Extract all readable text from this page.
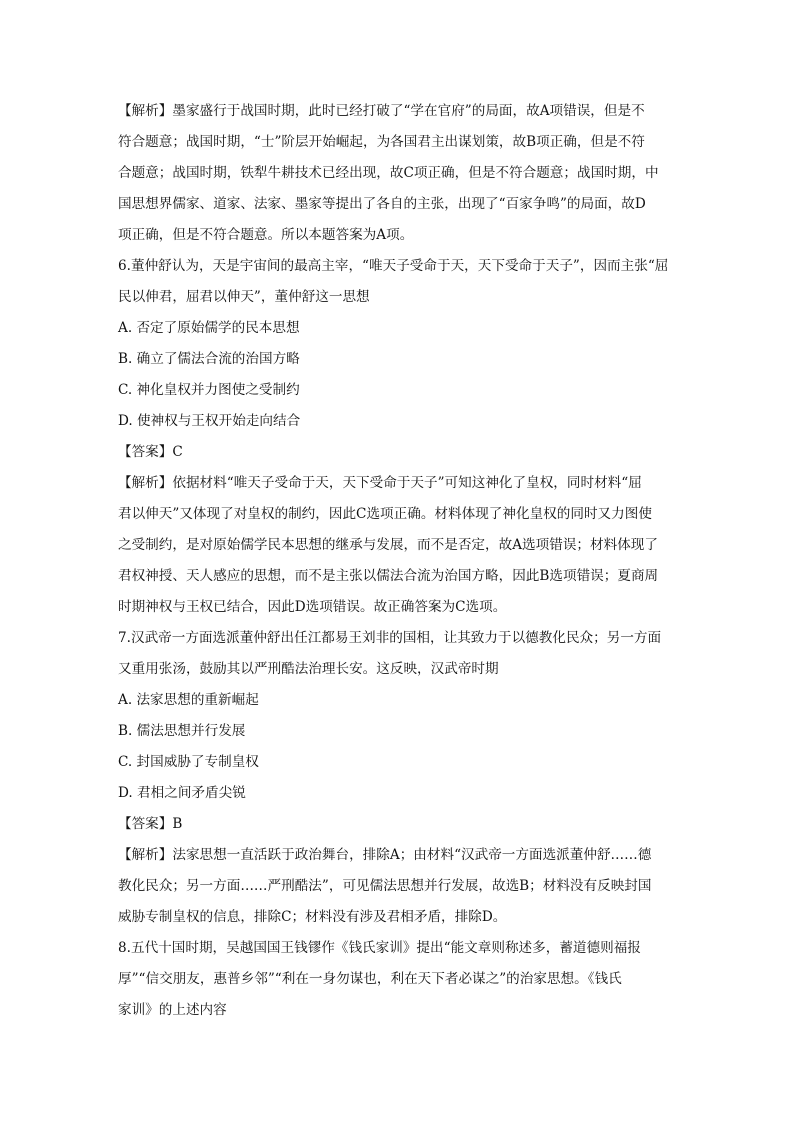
【解析】墨家盛行于战国时期，此时已经打破了“学在官府”的局面，故A项错误，但是不
符合题意；战国时期，“士”阶层开始崛起，为各国君主出谋划策，故B项正确，但是不符
合题意；战国时期，铁犁牛耕技术已经出现，故C项正确，但是不符合题意；战国时期，中
国思想界儒家、道家、法家、墨家等提出了各自的主张，出现了“百家争鸣”的局面，故D
项正确，但是不符合题意。所以本题答案为A项。
6.董仲舒认为，天是宇宙间的最高主宰，“唯天子受命于天，天下受命于天子”，因而主张“屈
民以伸君，屈君以伸天”，董仲舒这一思想
A. 否定了原始儒学的民本思想
B. 确立了儒法合流的治国方略
C. 神化皇权并力图使之受制约
D. 使神权与王权开始走向结合
【答案】C
【解析】依据材料“唯天子受命于天，天下受命于天子”可知这神化了皇权，同时材料“屈
君以伸天”又体现了对皇权的制约，因此C选项正确。材料体现了神化皇权的同时又力图使
之受制约，是对原始儒学民本思想的继承与发展，而不是否定，故A选项错误；材料体现了
君权神授、天人感应的思想，而不是主张以儒法合流为治国方略，因此B选项错误；夏商周
时期神权与王权已结合，因此D选项错误。故正确答案为C选项。
7.汉武帝一方面选派董仲舒出任江都易王刘非的国相，让其致力于以德教化民众；另一方面
又重用张汤，鼓励其以严刑酷法治理长安。这反映，汉武帝时期
A. 法家思想的重新崛起
B. 儒法思想并行发展
C. 封国威胁了专制皇权
D. 君相之间矛盾尖锐
【答案】B
【解析】法家思想一直活跃于政治舞台，排除A；由材料“汉武帝一方面选派董仲舒……德
教化民众；另一方面……严刑酷法”，可见儒法思想并行发展，故选B；材料没有反映封国
威胁专制皇权的信息，排除C；材料没有涉及君相矛盾，排除D。
8.五代十国时期，吴越国国王钱镠作《钱氏家训》提出“能文章则称述多，蓄道德则福报
厚”“信交朋友，惠普乡邻”“利在一身勿谋也，利在天下者必谋之”的治家思想。《钱氏
家训》的上述内容
